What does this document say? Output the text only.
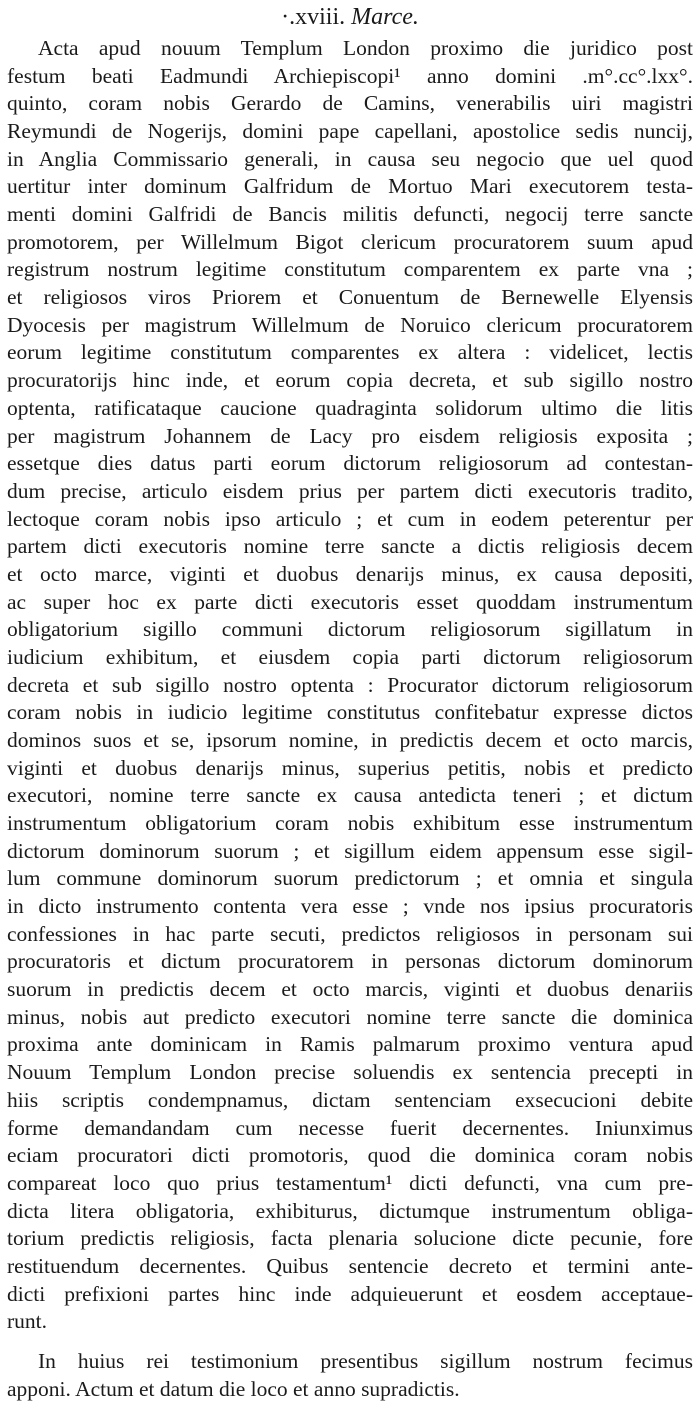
·.xviii. Marce.
Acta apud nouum Templum London proximo die juridico post
festum beati Eadmundi Archiepiscopi¹ anno domini .m°.cc°.lxx°.
quinto, coram nobis Gerardo de Camins, venerabilis uiri magistri
Reymundi de Nogerijs, domini pape capellani, apostolice sedis nuncij,
in Anglia Commissario generali, in causa seu negocio que uel quod
uertitur inter dominum Galfridum de Mortuo Mari executorem testa-
menti domini Galfridi de Bancis militis defuncti, negocij terre sancte
promotorem, per Willelmum Bigot clericum procuratorem suum apud
registrum nostrum legitime constitutum comparentem ex parte vna ;
et religiosos viros Priorem et Conuentum de Bernewelle Elyensis
Dyocesis per magistrum Willelmum de Noruico clericum procuratorem
eorum legitime constitutum comparentes ex altera : videlicet, lectis
procuratorijs hinc inde, et eorum copia decreta, et sub sigillo nostro
optenta, ratificataque caucione quadraginta solidorum ultimo die litis
per magistrum Johannem de Lacy pro eisdem religiosis exposita ;
essetque dies datus parti eorum dictorum religiosorum ad contestan-
dum precise, articulo eisdem prius per partem dicti executoris tradito,
lectoque coram nobis ipso articulo ; et cum in eodem peterentur per
partem dicti executoris nomine terre sancte a dictis religiosis decem
et octo marce, viginti et duobus denarijs minus, ex causa depositi,
ac super hoc ex parte dicti executoris esset quoddam instrumentum
obligatorium sigillo communi dictorum religiosorum sigillatum in
iudicium exhibitum, et eiusdem copia parti dictorum religiosorum
decreta et sub sigillo nostro optenta : Procurator dictorum religiosorum
coram nobis in iudicio legitime constitutus confitebatur expresse dictos
dominos suos et se, ipsorum nomine, in predictis decem et octo marcis,
viginti et duobus denarijs minus, superius petitis, nobis et predicto
executori, nomine terre sancte ex causa antedicta teneri ; et dictum
instrumentum obligatorium coram nobis exhibitum esse instrumentum
dictorum dominorum suorum ; et sigillum eidem appensum esse sigil-
lum commune dominorum suorum predictorum ; et omnia et singula
in dicto instrumento contenta vera esse ; vnde nos ipsius procuratoris
confessiones in hac parte secuti, predictos religiosos in personam sui
procuratoris et dictum procuratorem in personas dictorum dominorum
suorum in predictis decem et octo marcis, viginti et duobus denariis
minus, nobis aut predicto executori nomine terre sancte die dominica
proxima ante dominicam in Ramis palmarum proximo ventura apud
Nouum Templum London precise soluendis ex sentencia precepti in
hiis scriptis condempnamus, dictam sentenciam exsecucioni debite
forme demandandam cum necesse fuerit decernentes. Iniunximus
eciam procuratori dicti promotoris, quod die dominica coram nobis
compareat loco quo prius testamentum¹ dicti defuncti, vna cum pre-
dicta litera obligatoria, exhibiturus, dictumque instrumentum obliga-
torium predictis religiosis, facta plenaria solucione dicte pecunie, fore
restituendum decernentes. Quibus sentencie decreto et termini ante-
dicti prefixioni partes hinc inde adquieuerunt et eosdem acceptaue-
runt.
In huius rei testimonium presentibus sigillum nostrum fecimus
apponi. Actum et datum die loco et anno supradictis.
